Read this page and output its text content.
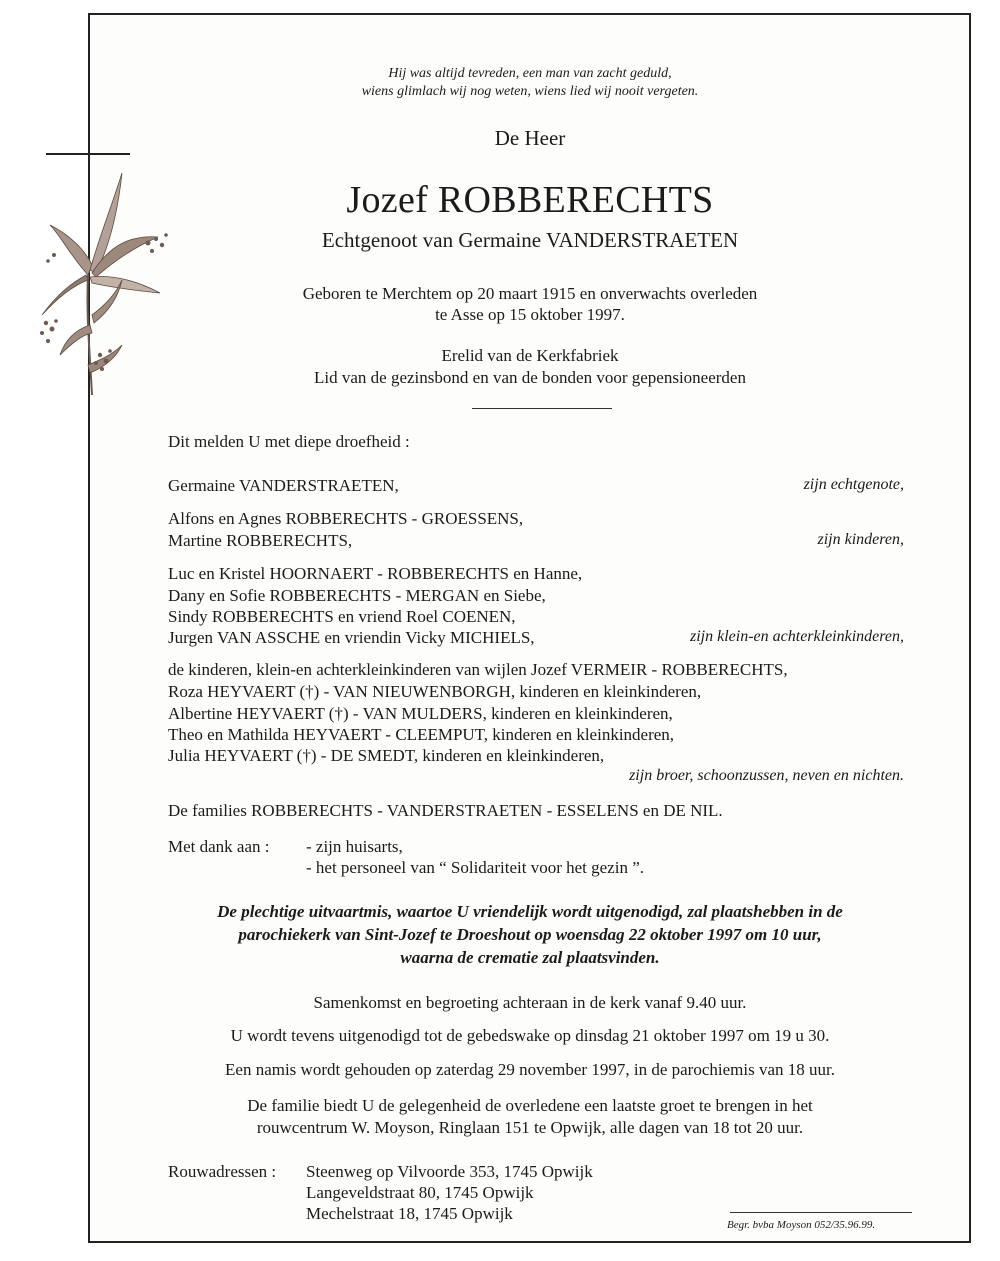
Hij was altijd tevreden, een man van zacht geduld,
wiens glimlach wij nog weten, wiens lied wij nooit vergeten.
De Heer
Jozef ROBBERECHTS
Echtgenoot van Germaine VANDERSTRAETEN
Geboren te Merchtem op 20 maart 1915 en onverwachts overleden
te Asse op 15 oktober 1997.
Erelid van de Kerkfabriek
Lid van de gezinsbond en van de bonden voor gepensioneerden
Dit melden U met diepe droefheid :
Germaine VANDERSTRAETEN,	zijn echtgenote,
Alfons en Agnes ROBBERECHTS - GROESSENS,
Martine ROBBERECHTS,	zijn kinderen,
Luc en Kristel HOORNAERT - ROBBERECHTS en Hanne,
Dany en Sofie ROBBERECHTS - MERGAN en Siebe,
Sindy ROBBERECHTS en vriend Roel COENEN,
Jurgen VAN ASSCHE en vriendin Vicky MICHIELS,	zijn klein-en achterkleinkinderen,
de kinderen, klein-en achterkleinkinderen van wijlen Jozef VERMEIR - ROBBERECHTS,
Roza HEYVAERT (†) - VAN NIEUWENBORGH, kinderen en kleinkinderen,
Albertine HEYVAERT (†) - VAN MULDERS, kinderen en kleinkinderen,
Theo en Mathilda HEYVAERT - CLEEMPUT, kinderen en kleinkinderen,
Julia HEYVAERT (†) - DE SMEDT, kinderen en kleinkinderen,
zijn broer, schoonzussen, neven en nichten.
De families ROBBERECHTS - VANDERSTRAETEN - ESSELENS en DE NIL.
Met dank aan : - zijn huisarts,
- het personeel van “ Solidariteit voor het gezin ”.
De plechtige uitvaartmis, waartoe U vriendelijk wordt uitgenodigd, zal plaatshebben in de
parochiekerk van Sint-Jozef te Droeshout op woensdag 22 oktober 1997 om 10 uur,
waarna de crematie zal plaatsvinden.
Samenkomst en begroeting achteraan in de kerk vanaf 9.40 uur.
U wordt tevens uitgenodigd tot de gebedswake op dinsdag 21 oktober 1997 om 19 u 30.
Een namis wordt gehouden op zaterdag 29 november 1997, in de parochiemis van 18 uur.
De familie biedt U de gelegenheid de overledene een laatste groet te brengen in het
rouwcentrum W. Moyson, Ringlaan 151 te Opwijk, alle dagen van 18 tot 20 uur.
Rouwadressen : Steenweg op Vilvoorde 353, 1745 Opwijk
Langeveldstraat 80, 1745 Opwijk
Mechelstraat 18, 1745 Opwijk
Begr. bvba Moyson 052/35.96.99.
